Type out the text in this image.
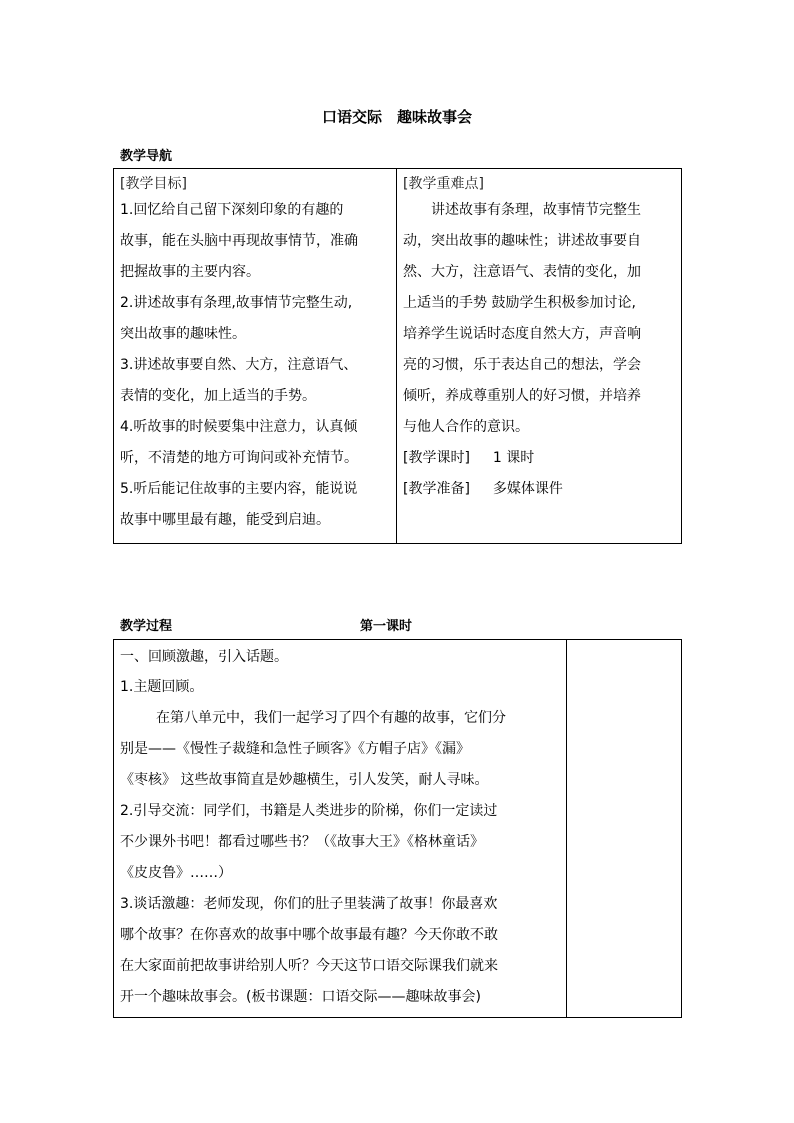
口语交际　趣味故事会
教学导航
[教学目标]
1.回忆给自己留下深刻印象的有趣的
故事，能在头脑中再现故事情节，准确
把握故事的主要内容。
2.讲述故事有条理,故事情节完整生动,
突出故事的趣味性。
3.讲述故事要自然、大方，注意语气、
表情的变化，加上适当的手势。
4.听故事的时候要集中注意力，认真倾
听，不清楚的地方可询问或补充情节。
5.听后能记住故事的主要内容，能说说
故事中哪里最有趣，能受到启迪。

[教学重难点]
讲述故事有条理，故事情节完整生
动，突出故事的趣味性；讲述故事要自
然、大方，注意语气、表情的变化，加
上适当的手势 鼓励学生积极参加讨论,
培养学生说话时态度自然大方，声音响
亮的习惯，乐于表达自己的想法，学会
倾听，养成尊重别人的好习惯，并培养
与他人合作的意识。
[教学课时] 1 课时
[教学准备] 多媒体课件
教学过程	第一课时
一、回顾激趣，引入话题。
1.主题回顾。
在第八单元中，我们一起学习了四个有趣的故事，它们分
别是——《慢性子裁缝和急性子顾客》《方帽子店》《漏》
《枣核》 这些故事简直是妙趣横生，引人发笑，耐人寻味。
2.引导交流：同学们，书籍是人类进步的阶梯，你们一定读过
不少课外书吧！都看过哪些书？（《故事大王》《格林童话》
《皮皮鲁》……）
3.谈话激趣：老师发现，你们的肚子里装满了故事！你最喜欢
哪个故事？在你喜欢的故事中哪个故事最有趣？今天你敢不敢
在大家面前把故事讲给别人听？今天这节口语交际课我们就来
开一个趣味故事会。(板书课题：口语交际——趣味故事会)
